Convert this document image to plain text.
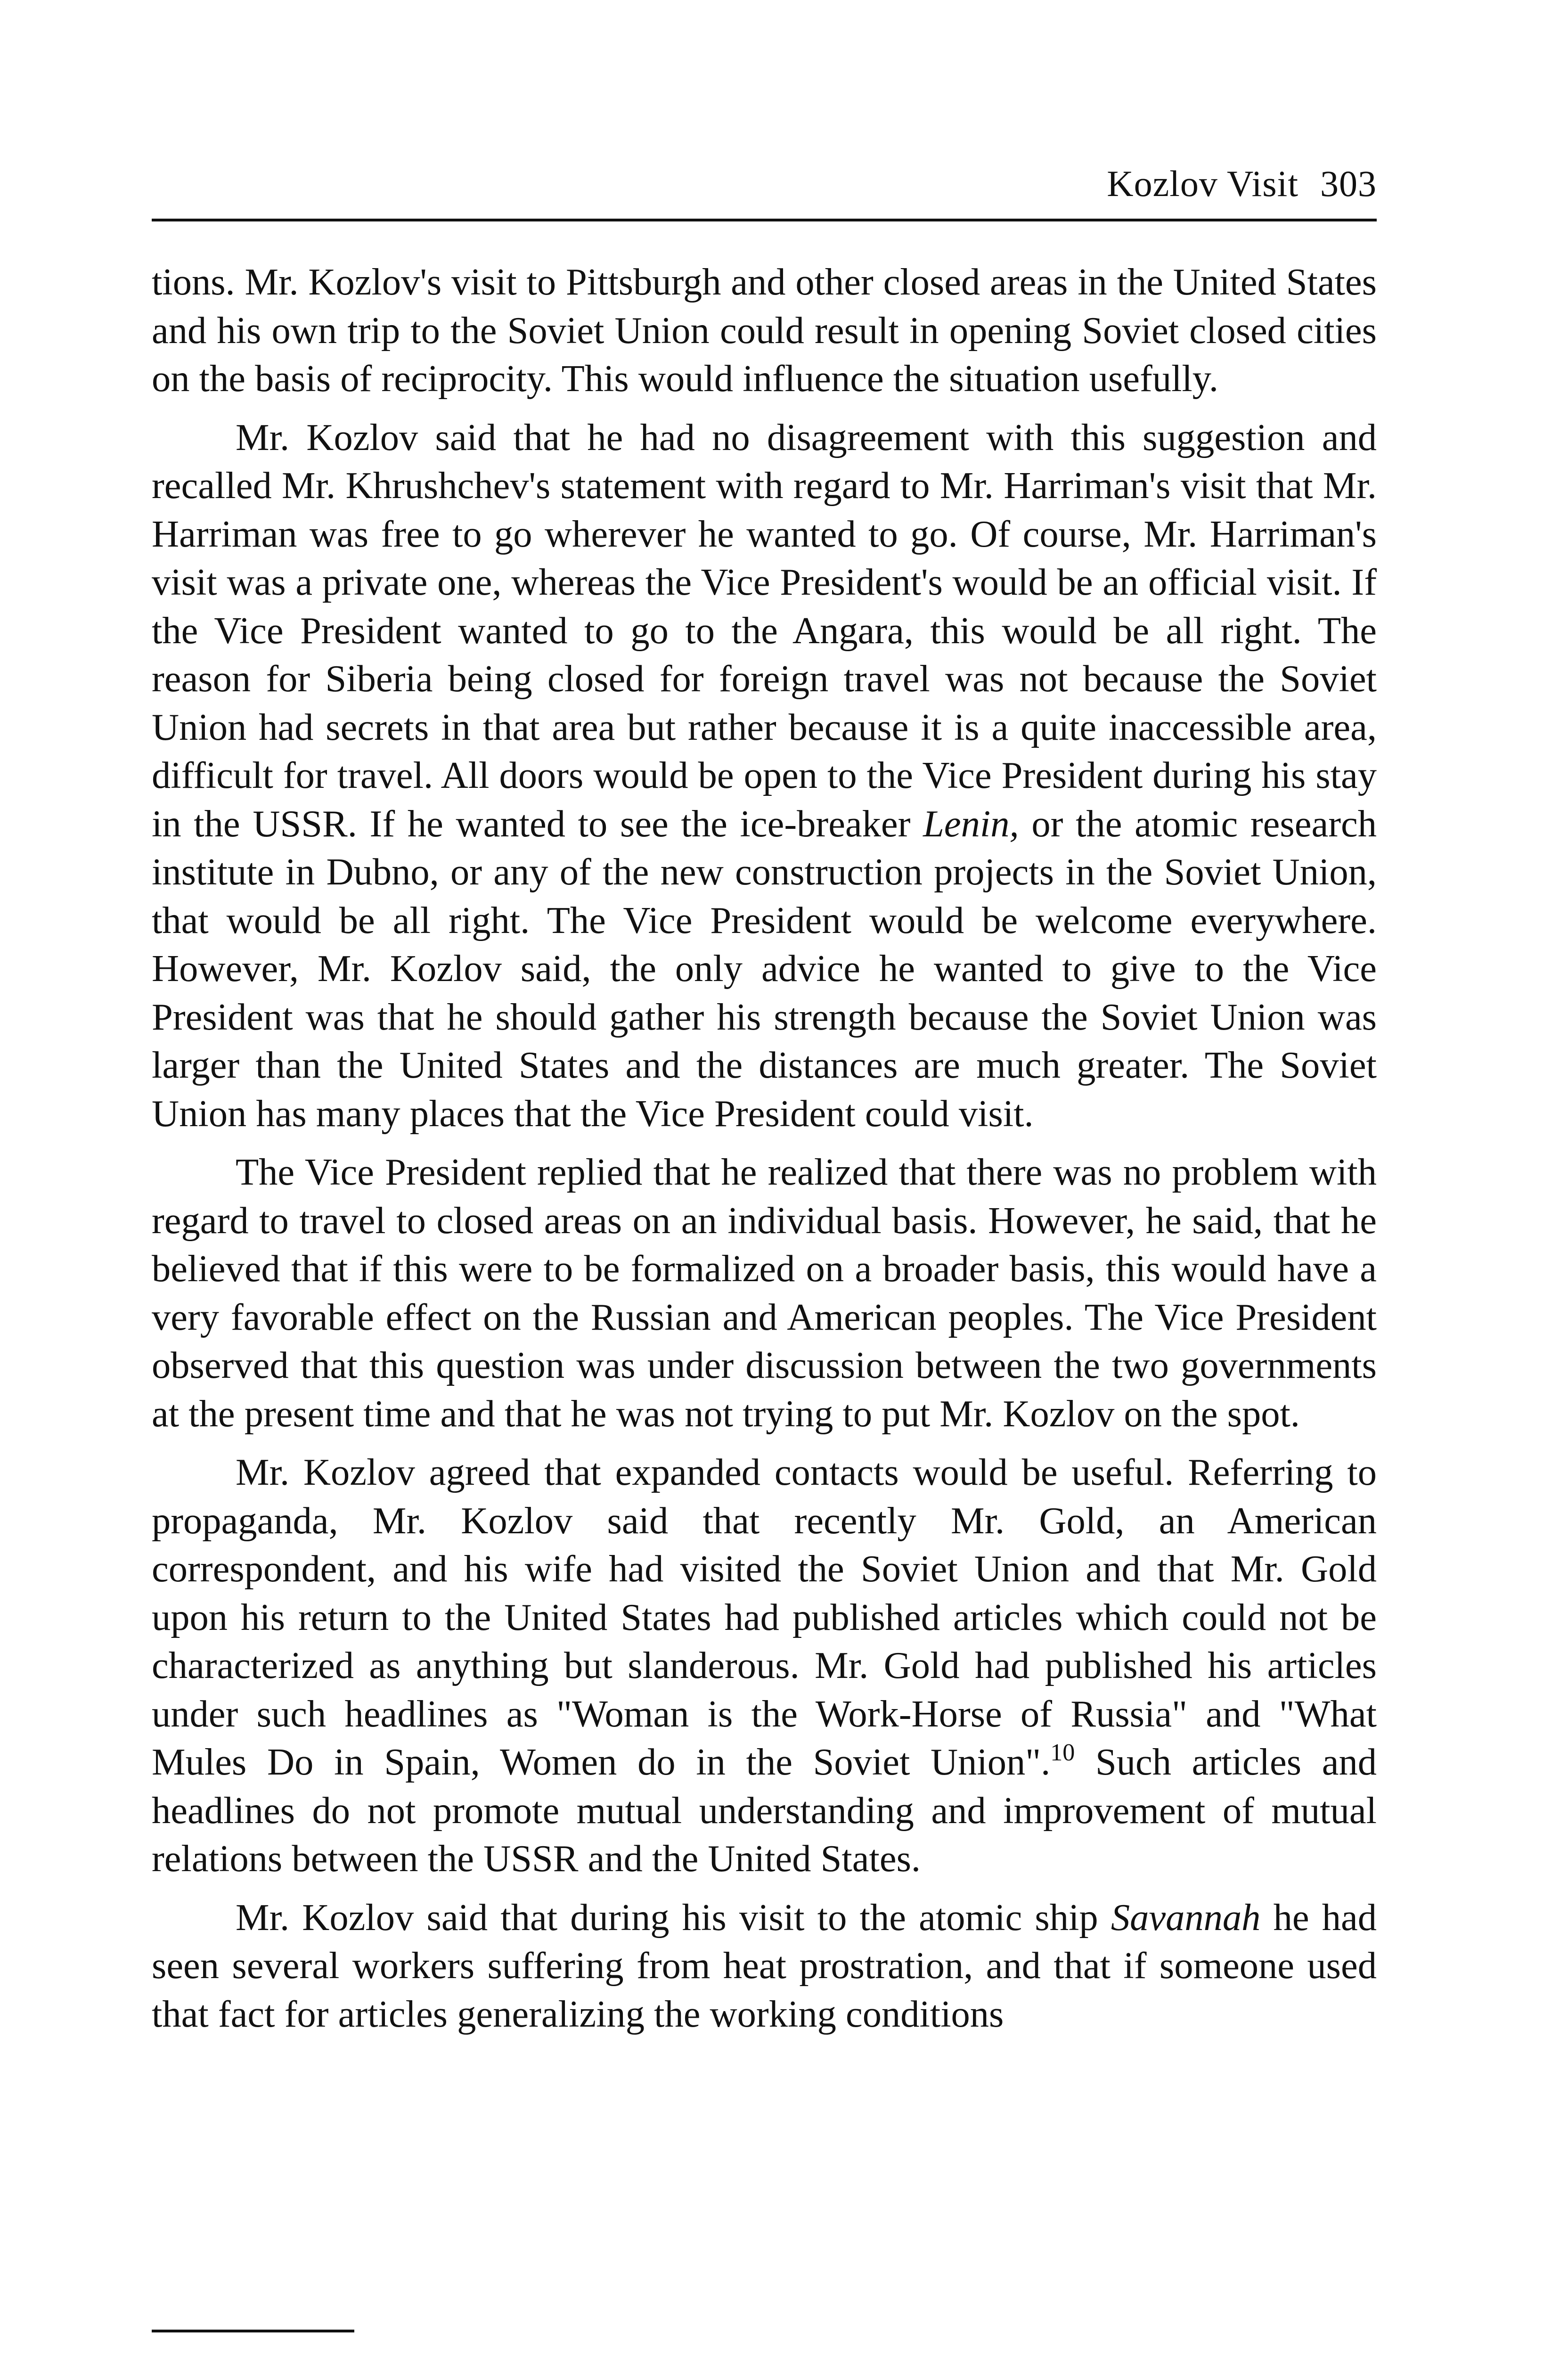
Kozlov Visit 303

tions. Mr. Kozlov's visit to Pittsburgh and other closed areas in the United States and his own trip to the Soviet Union could result in opening Soviet closed cities on the basis of reciprocity. This would influence the situation usefully.

Mr. Kozlov said that he had no disagreement with this suggestion and recalled Mr. Khrushchev's statement with regard to Mr. Harriman's visit that Mr. Harriman was free to go wherever he wanted to go. Of course, Mr. Harriman's visit was a private one, whereas the Vice President's would be an official visit. If the Vice President wanted to go to the Angara, this would be all right. The reason for Siberia being closed for foreign travel was not because the Soviet Union had secrets in that area but rather because it is a quite inaccessible area, difficult for travel. All doors would be open to the Vice President during his stay in the USSR. If he wanted to see the ice-breaker Lenin, or the atomic research institute in Dubno, or any of the new construction projects in the Soviet Union, that would be all right. The Vice President would be welcome everywhere. However, Mr. Kozlov said, the only advice he wanted to give to the Vice President was that he should gather his strength because the Soviet Union was larger than the United States and the distances are much greater. The Soviet Union has many places that the Vice President could visit.

The Vice President replied that he realized that there was no problem with regard to travel to closed areas on an individual basis. However, he said, that he believed that if this were to be formalized on a broader basis, this would have a very favorable effect on the Russian and American peoples. The Vice President observed that this question was under discussion between the two governments at the present time and that he was not trying to put Mr. Kozlov on the spot.

Mr. Kozlov agreed that expanded contacts would be useful. Referring to propaganda, Mr. Kozlov said that recently Mr. Gold, an American correspondent, and his wife had visited the Soviet Union and that Mr. Gold upon his return to the United States had published articles which could not be characterized as anything but slanderous. Mr. Gold had published his articles under such headlines as "Woman is the Work-Horse of Russia" and "What Mules Do in Spain, Women do in the Soviet Union".$^{10}$ Such articles and headlines do not promote mutual understanding and improvement of mutual relations between the USSR and the United States.

Mr. Kozlov said that during his visit to the atomic ship Savannah he had seen several workers suffering from heat prostration, and that if someone used that fact for articles generalizing the working conditions
